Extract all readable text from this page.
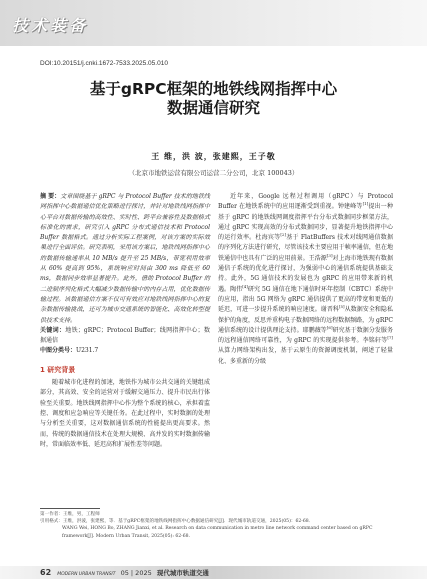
技术装备
DOI:10.20151/j.cnki.1672-7533.2025.05.010
基于gRPC框架的地铁线网指挥中心
数据通信研究
王 维，洪 波，张建熙，王子敬
（北京市地铁运营有限公司运营二分公司，北京 100043）
摘 要：文章围绕基于 gRPC 与 Protocol Buffer 技术的地铁线网指挥中心数据通信优化策略进行探讨，并针对地铁线网指挥中心平台对数据传输的高效性、实时性、跨平台兼容性及数据格式标准化的需求，研究引入 gRPC 分布式通信技术和 Protocol Buffer 数据格式。通过分析实际工程案例，对该方案的实际效果进行全面评估。研究表明，采用该方案后，地铁线网指挥中心的数据传输速率从 10 MB/s 提升至 25 MB/s，带宽利用效率从 60% 提高到 95%，系统响应时间由 300 ms 降低至 60 ms，数据同步效率显著提升。此外，借助 Protocol Buffer 的二进制序列化格式大幅减少数据传输中的内存占用，优化数据传输过程。该数据通信方案不仅可有效应对地铁线网指挥中心的复杂数据传输挑战，还可为城市交通系统的智能化、高效化转型提供技术支持。
关键词：地铁；gRPC；Protocol Buffer；线网指挥中心；数据通信
中图分类号：U231.7
1 研究背景
随着城市化进程的加速，地铁作为城市公共交通的关键组成部分，其高效、安全的运营对于缓解交通压力、提升市民出行体验至关重要。地铁线网指挥中心作为整个系统的核心，承担着监控、调度和应急响应等关键任务。在此过程中，实时数据的处理与分析至关重要，这对数据通信系统的性能提出更高要求。然而，传统的数据通信技术在处理大规模、高并发的实时数据传输时，常面临效率低、延迟高和扩展性差等问题。
近年来，Google 远程过程调用（gRPC）与 Protocol Buffer 在地铁系统中的应用逐渐受到重视。钟建峰等[1]提出一种基于 gRPC 的地铁线网调度指挥平台分布式数据同步框架方法，通过 gRPC 实现高效的分布式数据同步，显著提升地铁指挥中心的运行效率。杜海宾等[2]基于 FlatBuffers 技术对线网通信数据的序列化方法进行研究，尽管该技术主要应用于帧率通信，但在地铁通信中也具有广泛的应用前景。王浩源[3]对上海市地铁现有数据通信子系统的优化进行探讨，为强弱中心的通信系统提供基础支持。此外，5G 通信技术的发展也为 gRPC 的应用带来新的机遇。陶伟[4]研究 5G 通信在地下通信时环年控制（CBTC）系统中的应用，指出 5G 网络为 gRPC 通信提供了更高的带宽和更低的延迟，可进一步提升系统的响应速度。谢晋科[5]从数据安全和隐私保护的角度，反思并重构电子数据网络的远程数据频路，为 gRPC 通信系统的设计提供理论支持。耶鹏薇等[6]研究基于数据分发服务的远程通信网络可靠性，为 gRPC 的实现提供参考。李铭轩等[7]从算力网络架构出发，基于云原生的资源调度机制，阐述了轻量化、多重新的分级
第一作者：王维，男，工程师
引用格式：王维，洪波，张建熙，等．基于gRPC框架的地铁线网指挥中心数据通信研究[J]．现代城市轨道交通，2025(05)：62-68．
WANG Wei, HONG Bo, ZHANG Jianxi, et al. Research on data communication in metro line network command center based on gRPC
framework[J]. Modern Urban Transit, 2025(05): 62-68.
62 MODERN URBAN TRANSIT 05 | 2025 现代城市轨道交通
